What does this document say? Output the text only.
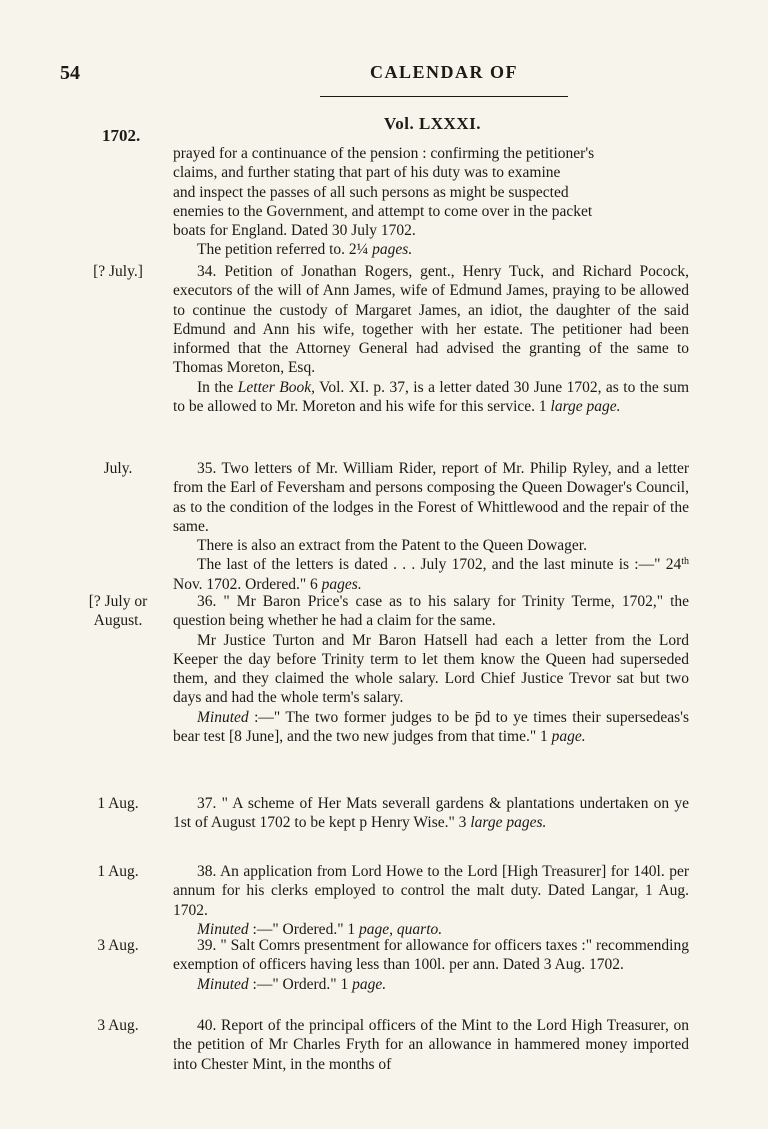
54	CALENDAR OF
Vol. LXXXI.
1702.

prayed for a continuance of the pension : confirming the petitioner's

claims, and further stating that part of his duty was to examine

and inspect the passes of all such persons as might be suspected

enemies to the Government, and attempt to come over in the packet

boats for England. Dated 30 July 1702.

The petition referred to. 2¼ pages.

[? July.]	34. Petition of Jonathan Rogers, gent., Henry Tuck, and Richard Pocock, executors of the will of Ann James, wife of Edmund James, praying to be allowed to continue the custody of Margaret James, an idiot, the daughter of the said Edmund and Ann his wife, together with her estate. The petitioner had been informed that the Attorney General had advised the granting of the same to Thomas Moreton, Esq.

In the Letter Book, Vol. XI. p. 37, is a letter dated 30 June 1702, as to the sum to be allowed to Mr. Moreton and his wife for this service. 1 large page.

July.	35. Two letters of Mr. William Rider, report of Mr. Philip Ryley, and a letter from the Earl of Feversham and persons composing the Queen Dowager's Council, as to the condition of the lodges in the Forest of Whittlewood and the repair of the same.

There is also an extract from the Patent to the Queen Dowager.

The last of the letters is dated . . . July 1702, and the last minute is :—" 24th Nov. 1702. Ordered." 6 pages.

[? July or
August.

36. " Mr Baron Price's case as to his salary for Trinity Terme, 1702," the question being whether he had a claim for the same.

Mr Justice Turton and Mr Baron Hatsell had each a letter from the Lord Keeper the day before Trinity term to let them know the Queen had superseded them, and they claimed the whole salary. Lord Chief Justice Trevor sat but two days and had the whole term's salary.

Minuted :—" The two former judges to be p̄d to ye times their supersedeas's bear test [8 June], and the two new judges from that time." 1 page.

1 Aug.	37. " A scheme of Her Mats severall gardens & plantations undertaken on ye 1st of August 1702 to be kept p Henry Wise." 3 large pages.

1 Aug.	38. An application from Lord Howe to the Lord [High Treasurer] for 140l. per annum for his clerks employed to control the malt duty. Dated Langar, 1 Aug. 1702.

Minuted :—" Ordered." 1 page, quarto.

3 Aug.	39. " Salt Comrs presentment for allowance for officers taxes :" recommending exemption of officers having less than 100l. per ann. Dated 3 Aug. 1702.

Minuted :—" Orderd." 1 page.

3 Aug.	40. Report of the principal officers of the Mint to the Lord High Treasurer, on the petition of Mr Charles Fryth for an allowance in hammered money imported into Chester Mint, in the months of
